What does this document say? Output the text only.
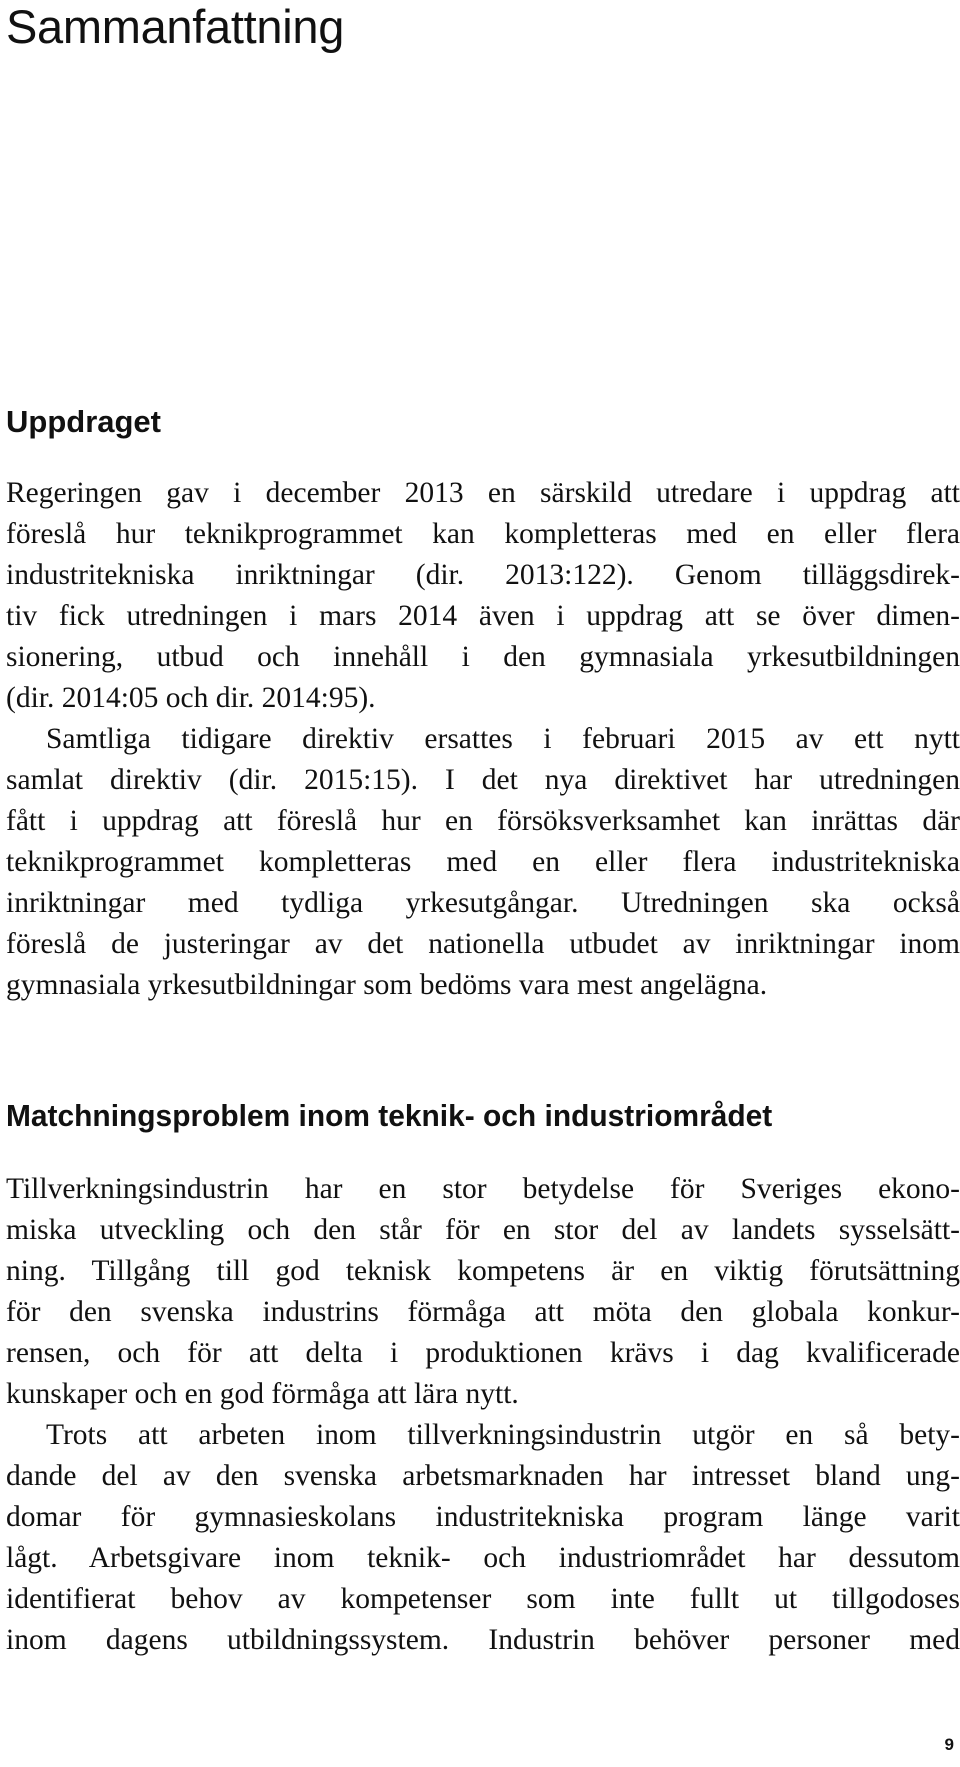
Sammanfattning
Uppdraget

Regeringen gav i december 2013 en särskild utredare i uppdrag att
föreslå hur teknikprogrammet kan kompletteras med en eller flera
industritekniska inriktningar (dir. 2013:122). Genom tilläggsdirek-
tiv fick utredningen i mars 2014 även i uppdrag att se över dimen-
sionering, utbud och innehåll i den gymnasiala yrkesutbildningen
(dir. 2014:05 och dir. 2014:95).
Samtliga tidigare direktiv ersattes i februari 2015 av ett nytt
samlat direktiv (dir. 2015:15). I det nya direktivet har utredningen
fått i uppdrag att föreslå hur en försöksverksamhet kan inrättas där
teknikprogrammet kompletteras med en eller flera industritekniska
inriktningar med tydliga yrkesutgångar. Utredningen ska också
föreslå de justeringar av det nationella utbudet av inriktningar inom
gymnasiala yrkesutbildningar som bedöms vara mest angelägna.

Matchningsproblem inom teknik- och industriområdet

Tillverkningsindustrin har en stor betydelse för Sveriges ekono-
miska utveckling och den står för en stor del av landets sysselsätt-
ning. Tillgång till god teknisk kompetens är en viktig förutsättning
för den svenska industrins förmåga att möta den globala konkur-
rensen, och för att delta i produktionen krävs i dag kvalificerade
kunskaper och en god förmåga att lära nytt.

Trots att arbeten inom tillverkningsindustrin utgör en så bety-
dande del av den svenska arbetsmarknaden har intresset bland ung-
domar för gymnasieskolans industritekniska program länge varit
lågt. Arbetsgivare inom teknik- och industriområdet har dessutom
identifierat behov av kompetenser som inte fullt ut tillgodoses
inom dagens utbildningssystem. Industrin behöver personer med

9
